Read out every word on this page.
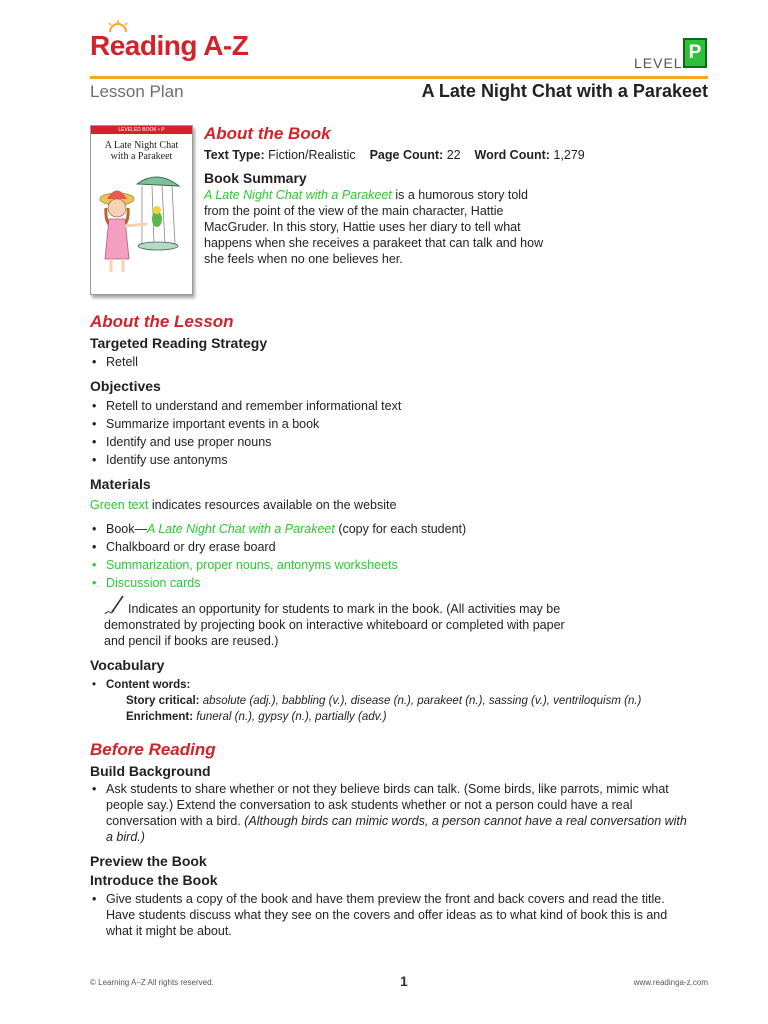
Reading A-Z
LEVEL P
Lesson Plan	A Late Night Chat with a Parakeet
LEVELED BOOK • P
A Late Night Chat
with a Parakeet
About the Book
Text Type: Fiction/Realistic Page Count: 22 Word Count: 1,279
Book Summary
A Late Night Chat with a Parakeet is a humorous story told from the point of the view of the main character, Hattie MacGruder. In this story, Hattie uses her diary to tell what happens when she receives a parakeet that can talk and how she feels when no one believes her.
About the Lesson
Targeted Reading Strategy
• Retell
Objectives
• Retell to understand and remember informational text
• Summarize important events in a book
• Identify and use proper nouns
• Identify use antonyms
Materials
Green text indicates resources available on the website
• Book—A Late Night Chat with a Parakeet (copy for each student)
• Chalkboard or dry erase board
• Summarization, proper nouns, antonyms worksheets
• Discussion cards
Indicates an opportunity for students to mark in the book. (All activities may be demonstrated by projecting book on interactive whiteboard or completed with paper and pencil if books are reused.)
Vocabulary
• Content words:
Story critical: absolute (adj.), babbling (v.), disease (n.), parakeet (n.), sassing (v.), ventriloquism (n.)
Enrichment: funeral (n.), gypsy (n.), partially (adv.)
Before Reading
Build Background
• Ask students to share whether or not they believe birds can talk. (Some birds, like parrots, mimic what people say.) Extend the conversation to ask students whether or not a person could have a real conversation with a bird. (Although birds can mimic words, a person cannot have a real conversation with a bird.)
Preview the Book
Introduce the Book
• Give students a copy of the book and have them preview the front and back covers and read the title. Have students discuss what they see on the covers and offer ideas as to what kind of book this is and what it might be about.
© Learning A–Z All rights reserved.	1	www.readinga-z.com
